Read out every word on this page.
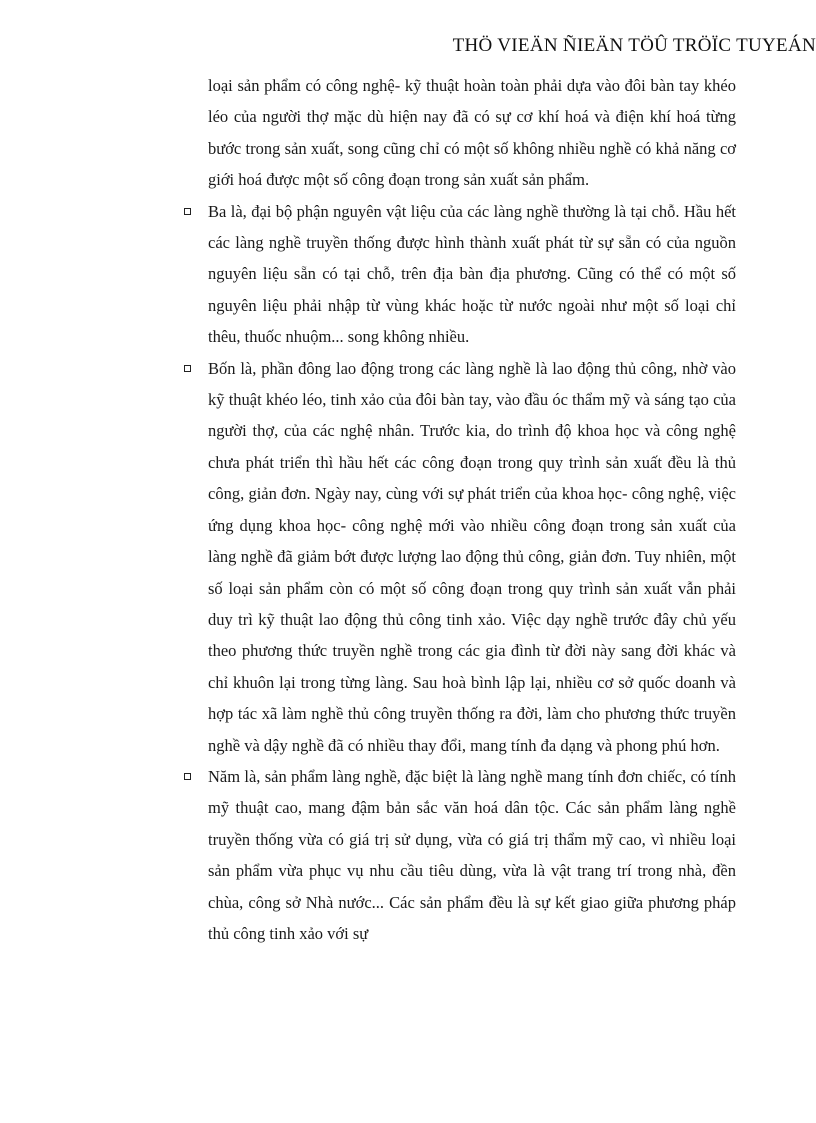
THÖ VIEÄN ÑIEÄN TÖÛ TRÖÏC TUYEÁN

loại sản phẩm có công nghệ- kỹ thuật hoàn toàn phải dựa vào đôi bàn tay khéo léo của người thợ mặc dù hiện nay đã có sự cơ khí hoá và điện khí hoá từng bước trong sản xuất, song cũng chỉ có một số không nhiều nghề có khả năng cơ giới hoá được một số công đoạn trong sản xuất sản phẩm.

Ba là, đại bộ phận nguyên vật liệu của các làng nghề thường là tại chỗ. Hầu hết các làng nghề truyền thống được hình thành xuất phát từ sự sẵn có của nguồn nguyên liệu sẵn có tại chỗ, trên địa bàn địa phương. Cũng có thể có một số nguyên liệu phải nhập từ vùng khác hoặc từ nước ngoài như một số loại chỉ thêu, thuốc nhuộm... song không nhiều.

Bốn là, phần đông lao động trong các làng nghề là lao động thủ công, nhờ vào kỹ thuật khéo léo, tinh xảo của đôi bàn tay, vào đầu óc thẩm mỹ và sáng tạo của người thợ, của các nghệ nhân. Trước kia, do trình độ khoa học và công nghệ chưa phát triển thì hầu hết các công đoạn trong quy trình sản xuất đều là thủ công, giản đơn. Ngày nay, cùng với sự phát triển của khoa học- công nghệ, việc ứng dụng khoa học- công nghệ mới vào nhiều công đoạn trong sản xuất của làng nghề đã giảm bớt được lượng lao động thủ công, giản đơn. Tuy nhiên, một số loại sản phẩm còn có một số công đoạn trong quy trình sản xuất vẫn phải duy trì kỹ thuật lao động thủ công tinh xảo. Việc dạy nghề trước đây chủ yếu theo phương thức truyền nghề trong các gia đình từ đời này sang đời khác và chỉ khuôn lại trong từng làng. Sau hoà bình lập lại, nhiều cơ sở quốc doanh và hợp tác xã làm nghề thủ công truyền thống ra đời, làm cho phương thức truyền nghề và dậy nghề đã có nhiều thay đổi, mang tính đa dạng và phong phú hơn.

Năm là, sản phẩm làng nghề, đặc biệt là làng nghề mang tính đơn chiếc, có tính mỹ thuật cao, mang đậm bản sắc văn hoá dân tộc. Các sản phẩm làng nghề truyền thống vừa có giá trị sử dụng, vừa có giá trị thẩm mỹ cao, vì nhiều loại sản phẩm vừa phục vụ nhu cầu tiêu dùng, vừa là vật trang trí trong nhà, đền chùa, công sở Nhà nước... Các sản phẩm đều là sự kết giao giữa phương pháp thủ công tinh xảo với sự
